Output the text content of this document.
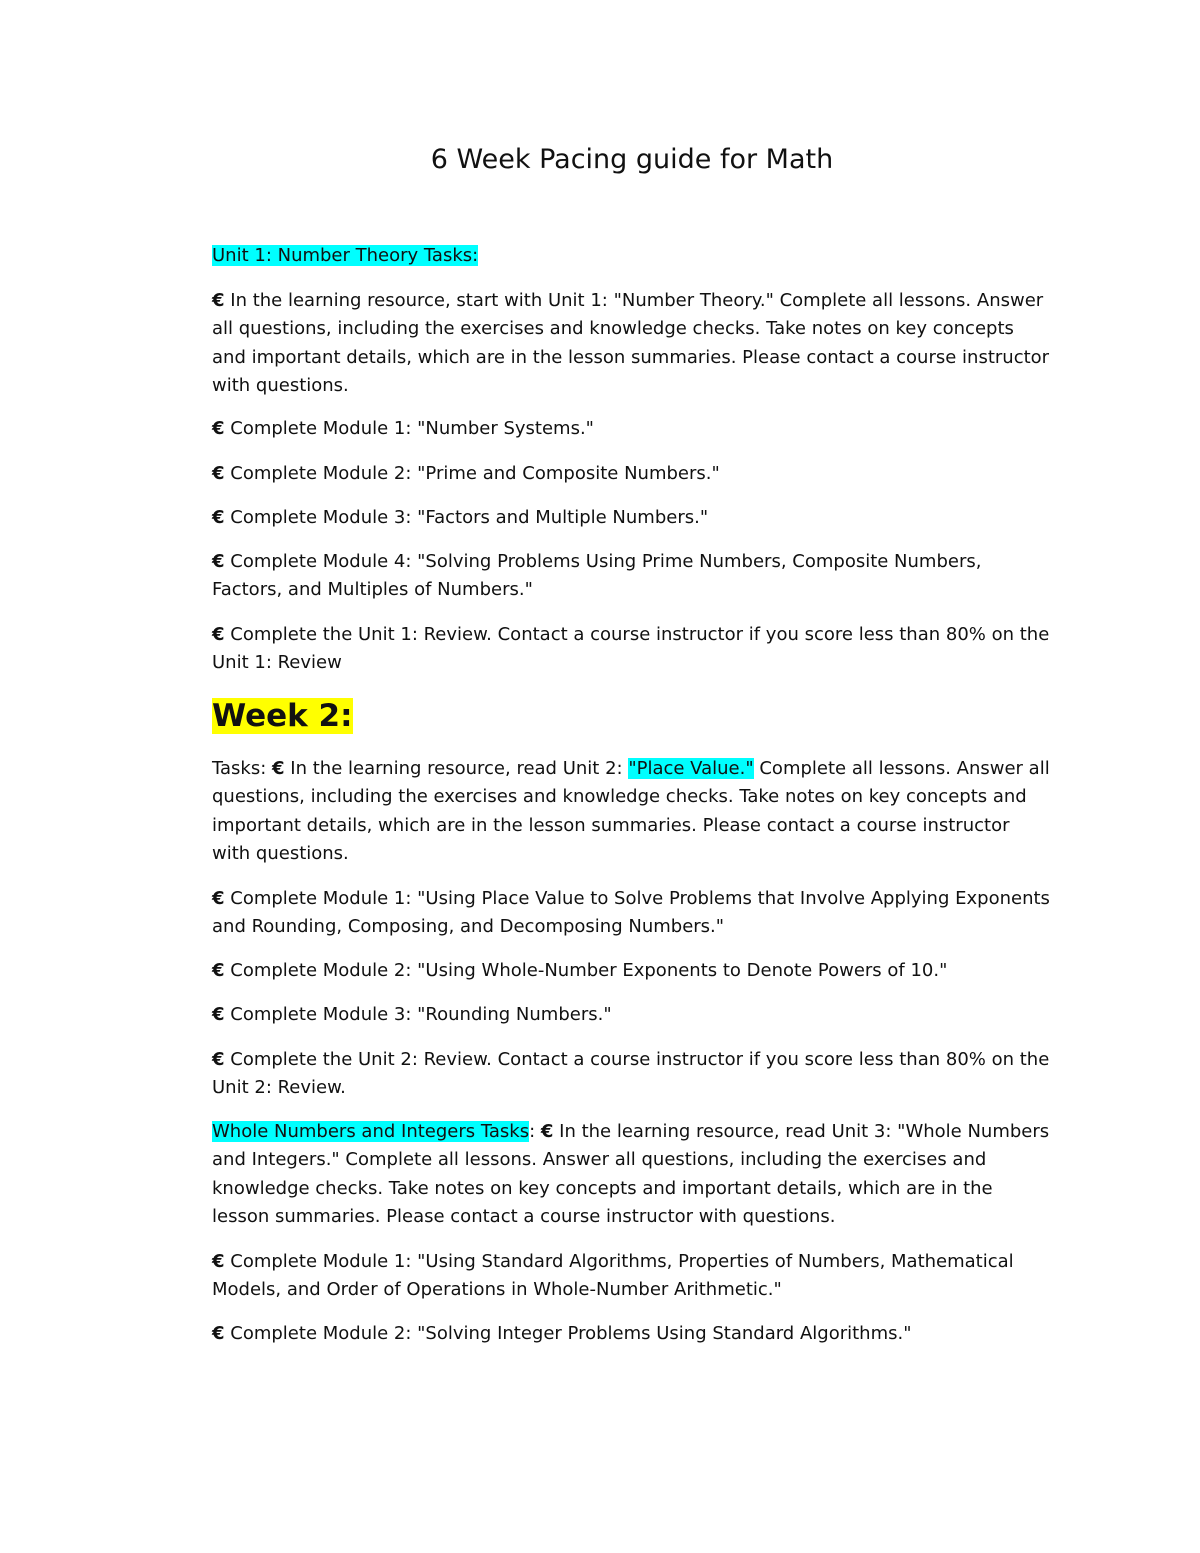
6 Week Pacing guide for Math

Unit 1: Number Theory Tasks:

€ In the learning resource, start with Unit 1: "Number Theory." Complete all lessons. Answer all questions, including the exercises and knowledge checks. Take notes on key concepts and important details, which are in the lesson summaries. Please contact a course instructor with questions.

€ Complete Module 1: "Number Systems."

€ Complete Module 2: "Prime and Composite Numbers."

€ Complete Module 3: "Factors and Multiple Numbers."

€ Complete Module 4: "Solving Problems Using Prime Numbers, Composite Numbers, Factors, and Multiples of Numbers."

€ Complete the Unit 1: Review. Contact a course instructor if you score less than 80% on the Unit 1: Review

Week 2:

Tasks: € In the learning resource, read Unit 2: "Place Value." Complete all lessons. Answer all questions, including the exercises and knowledge checks. Take notes on key concepts and important details, which are in the lesson summaries. Please contact a course instructor with questions.

€ Complete Module 1: "Using Place Value to Solve Problems that Involve Applying Exponents and Rounding, Composing, and Decomposing Numbers."

€ Complete Module 2: "Using Whole-Number Exponents to Denote Powers of 10."

€ Complete Module 3: "Rounding Numbers."

€ Complete the Unit 2: Review. Contact a course instructor if you score less than 80% on the Unit 2: Review.

Whole Numbers and Integers Tasks: € In the learning resource, read Unit 3: "Whole Numbers and Integers." Complete all lessons. Answer all questions, including the exercises and knowledge checks. Take notes on key concepts and important details, which are in the lesson summaries. Please contact a course instructor with questions.

€ Complete Module 1: "Using Standard Algorithms, Properties of Numbers, Mathematical Models, and Order of Operations in Whole-Number Arithmetic."

€ Complete Module 2: "Solving Integer Problems Using Standard Algorithms."
